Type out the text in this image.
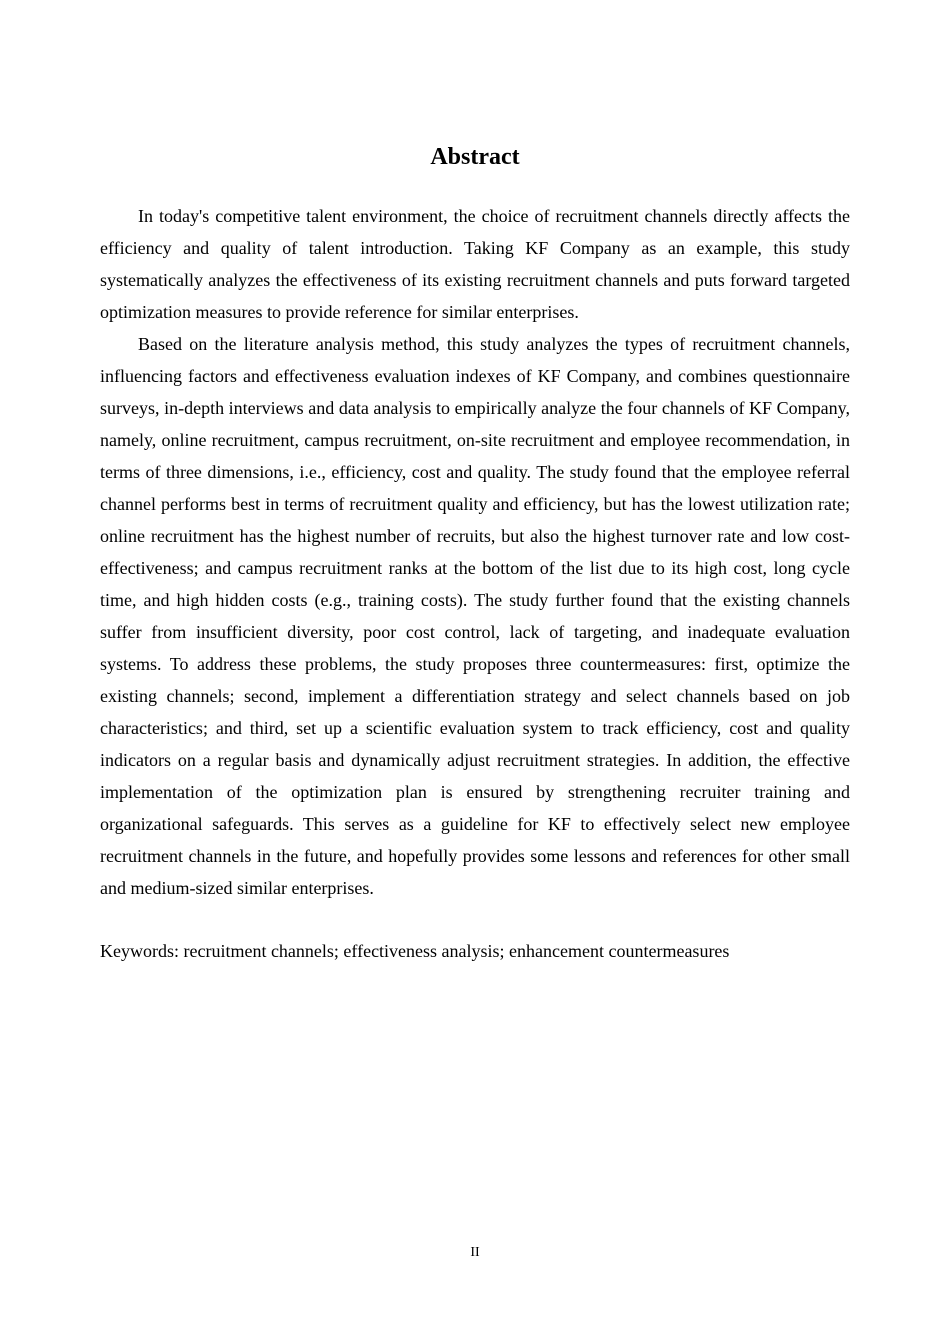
Abstract

In today's competitive talent environment, the choice of recruitment channels directly affects the efficiency and quality of talent introduction. Taking KF Company as an example, this study systematically analyzes the effectiveness of its existing recruitment channels and puts forward targeted optimization measures to provide reference for similar enterprises.

Based on the literature analysis method, this study analyzes the types of recruitment channels, influencing factors and effectiveness evaluation indexes of KF Company, and combines questionnaire surveys, in-depth interviews and data analysis to empirically analyze the four channels of KF Company, namely, online recruitment, campus recruitment, on-site recruitment and employee recommendation, in terms of three dimensions, i.e., efficiency, cost and quality. The study found that the employee referral channel performs best in terms of recruitment quality and efficiency, but has the lowest utilization rate; online recruitment has the highest number of recruits, but also the highest turnover rate and low cost-effectiveness; and campus recruitment ranks at the bottom of the list due to its high cost, long cycle time, and high hidden costs (e.g., training costs). The study further found that the existing channels suffer from insufficient diversity, poor cost control, lack of targeting, and inadequate evaluation systems. To address these problems, the study proposes three countermeasures: first, optimize the existing channels; second, implement a differentiation strategy and select channels based on job characteristics; and third, set up a scientific evaluation system to track efficiency, cost and quality indicators on a regular basis and dynamically adjust recruitment strategies. In addition, the effective implementation of the optimization plan is ensured by strengthening recruiter training and organizational safeguards. This serves as a guideline for KF to effectively select new employee recruitment channels in the future, and hopefully provides some lessons and references for other small and medium-sized similar enterprises.

Keywords: recruitment channels; effectiveness analysis; enhancement countermeasures

II
